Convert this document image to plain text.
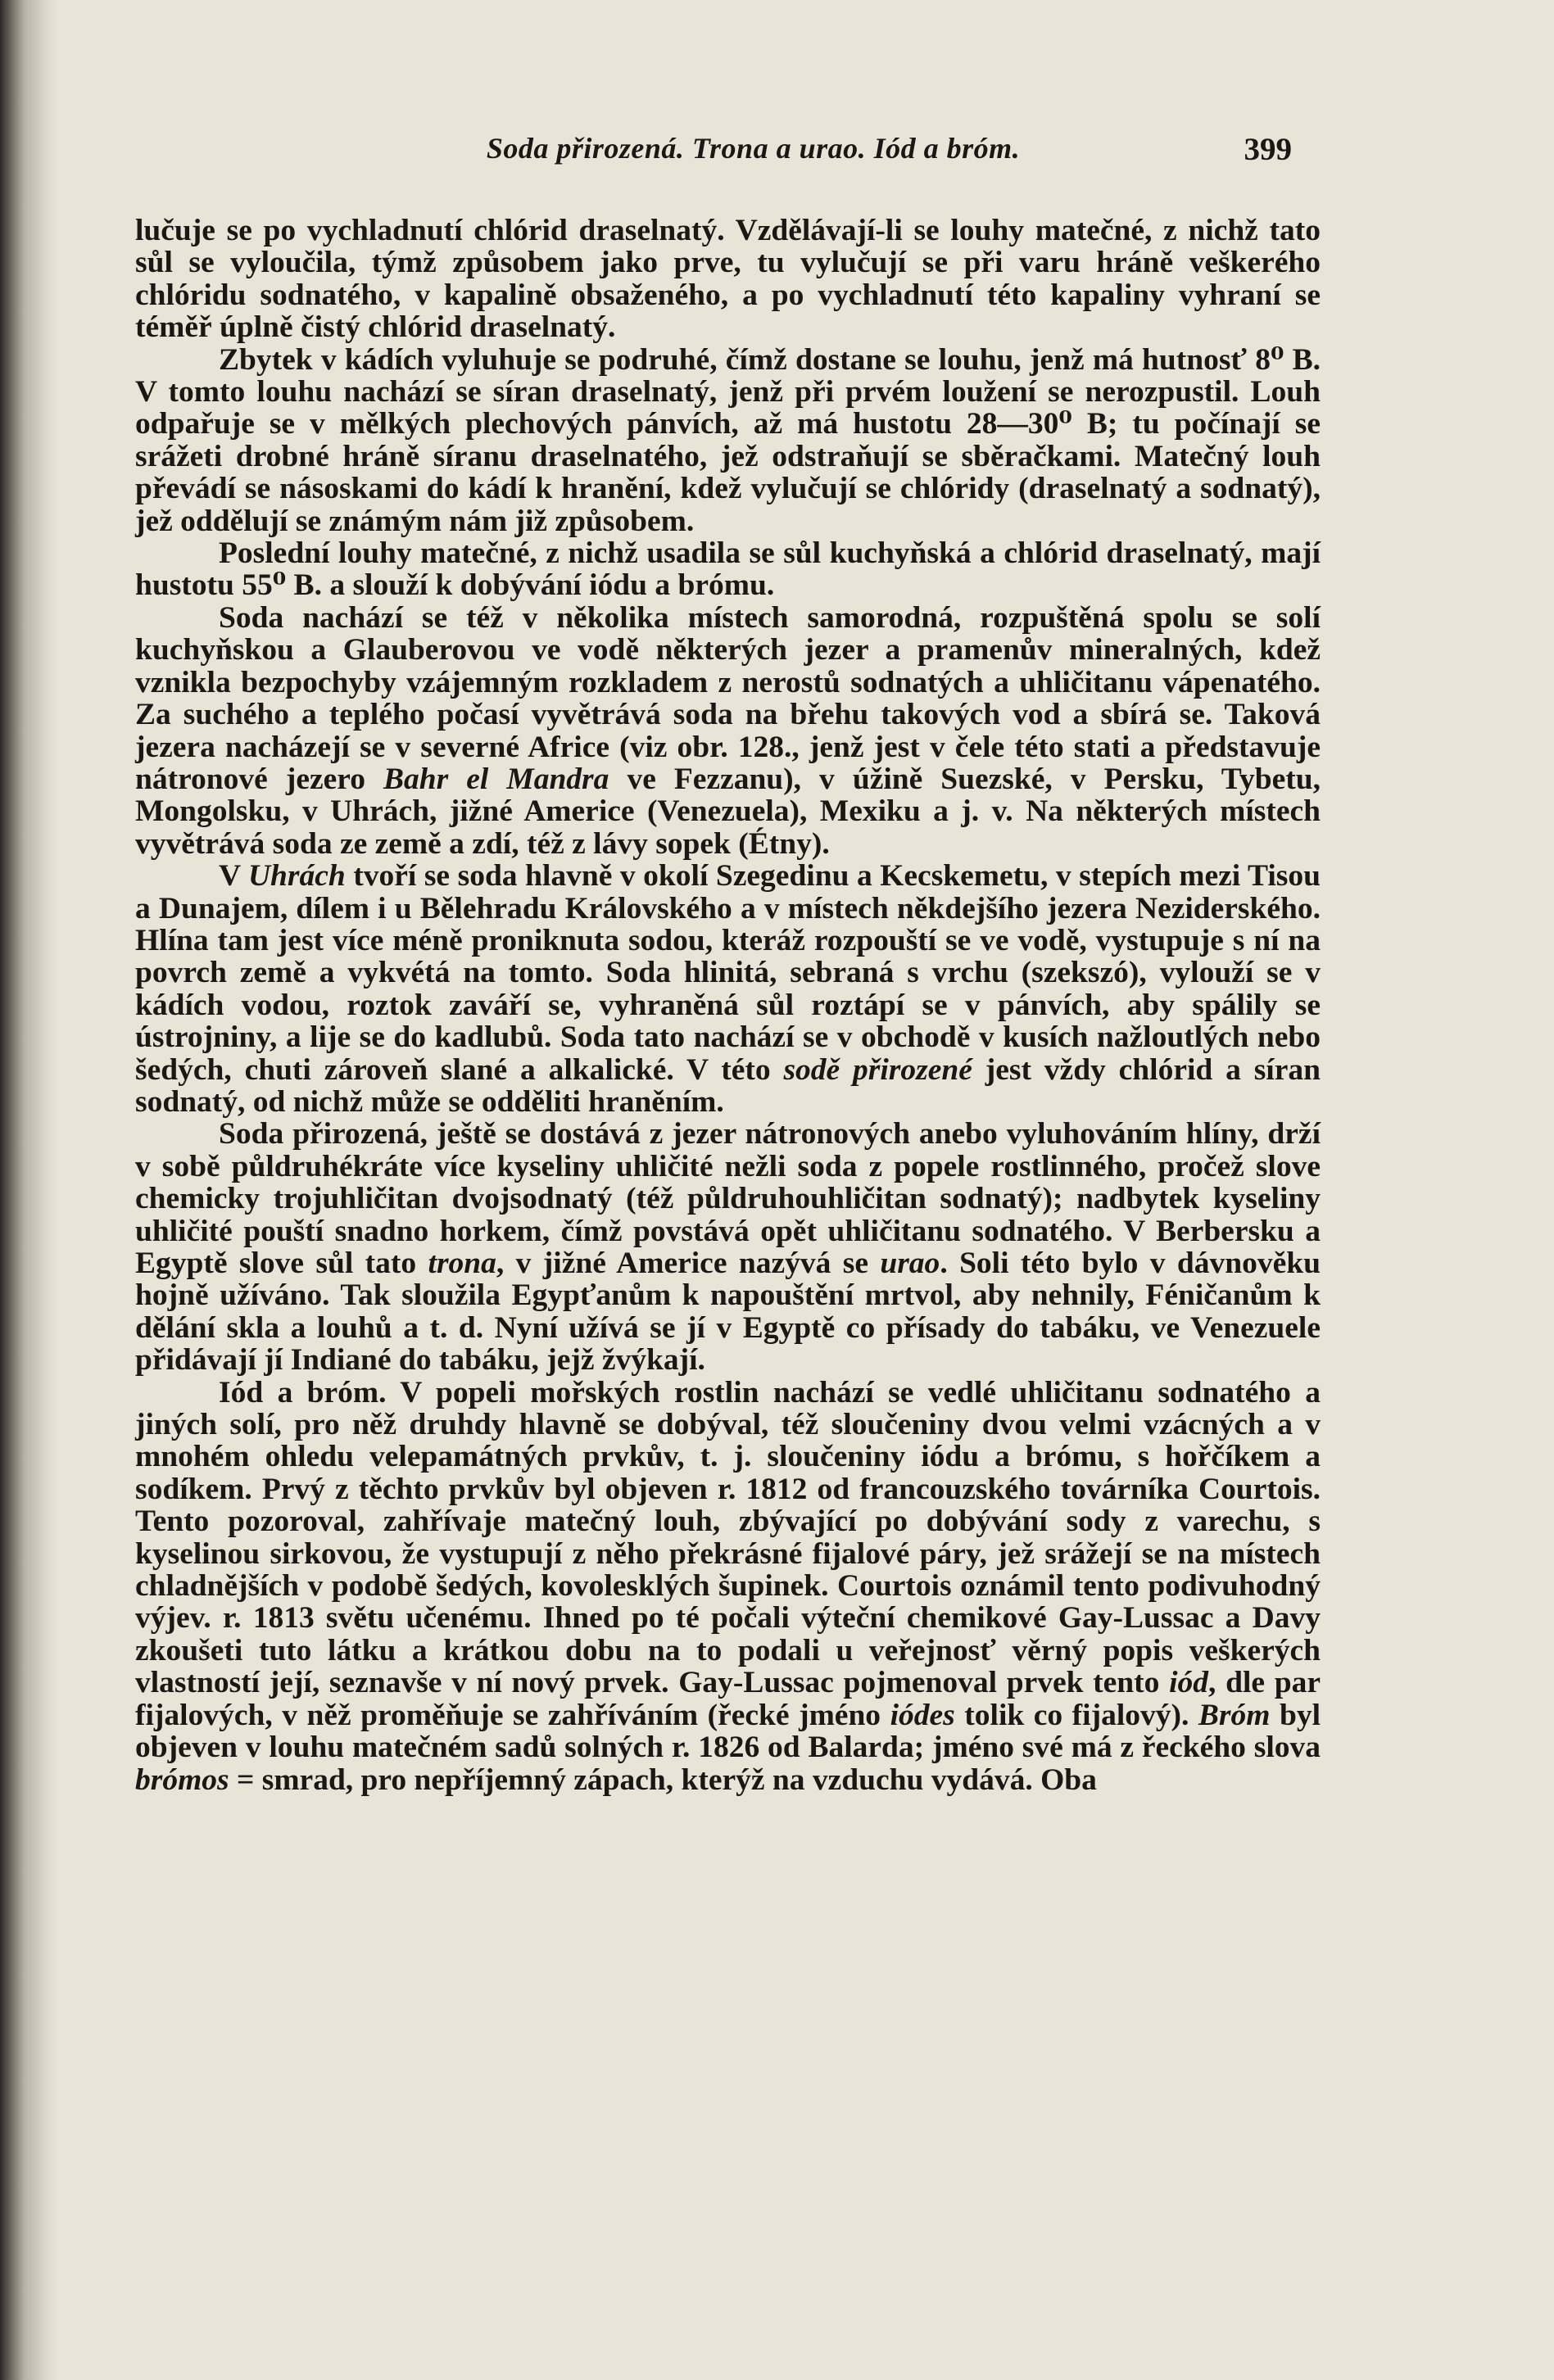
Soda přirozená. Trona a urao. Iód a bróm.	399

lučuje se po vychladnutí chlórid draselnatý. Vzdělávají-li se louhy matečné, z nichž tato sůl se vyloučila, týmž způsobem jako prve, tu vylučují se při varu hráně veškerého chlóridu sodnatého, v kapalině obsaženého, a po vychladnutí této kapaliny vyhraní se téměř úplně čistý chlórid draselnatý.

Zbytek v kádích vyluhuje se podruhé, čímž dostane se louhu, jenž má hutnosť 8⁰ B. V tomto louhu nachází se síran draselnatý, jenž při prvém loužení se nerozpustil. Louh odpařuje se v mělkých plechových pánvích, až má hustotu 28—30⁰ B; tu počínají se srážeti drobné hráně síranu draselnatého, jež odstraňují se sběračkami. Matečný louh převádí se násoskami do kádí k hranění, kdež vylučují se chlóridy (draselnatý a sodnatý), jež oddělují se známým nám již způsobem.

Poslední louhy matečné, z nichž usadila se sůl kuchyňská a chlórid draselnatý, mají hustotu 55⁰ B. a slouží k dobývání iódu a brómu.

Soda nachází se též v několika místech samorodná, rozpuštěná spolu se solí kuchyňskou a Glauberovou ve vodě některých jezer a pramenův mineralných, kdež vznikla bezpochyby vzájemným rozkladem z nerostů sodnatých a uhličitanu vápenatého. Za suchého a teplého počasí vyvětrává soda na břehu takových vod a sbírá se. Taková jezera nacházejí se v severné Africe (viz obr. 128., jenž jest v čele této stati a představuje nátronové jezero Bahr el Mandra ve Fezzanu), v úžině Suezské, v Persku, Tybetu, Mongolsku, v Uhrách, jižné Americe (Venezuela), Mexiku a j. v. Na některých místech vyvětrává soda ze země a zdí, též z lávy sopek (Étny).

V Uhrách tvoří se soda hlavně v okolí Szegedinu a Kecskemetu, v stepích mezi Tisou a Dunajem, dílem i u Bělehradu Královského a v místech někdejšího jezera Neziderského. Hlína tam jest více méně proniknuta sodou, kteráž rozpouští se ve vodě, vystupuje s ní na povrch země a vykvétá na tomto. Soda hlinitá, sebraná s vrchu (szekszó), vylouží se v kádích vodou, roztok zaváří se, vyhraněná sůl roztápí se v pánvích, aby spálily se ústrojniny, a lije se do kadlubů. Soda tato nachází se v obchodě v kusích nažloutlých nebo šedých, chuti zároveň slané a alkalické. V této sodě přirozené jest vždy chlórid a síran sodnatý, od nichž může se odděliti hraněním.

Soda přirozená, ještě se dostává z jezer nátronových anebo vyluhováním hlíny, drží v sobě půldruhékráte více kyseliny uhličité nežli soda z popele rostlinného, pročež slove chemicky trojuhličitan dvojsodnatý (též půldruhouhličitan sodnatý); nadbytek kyseliny uhličité pouští snadno horkem, čímž povstává opět uhličitanu sodnatého. V Berbersku a Egyptě slove sůl tato trona, v jižné Americe nazývá se urao. Soli této bylo v dávnověku hojně užíváno. Tak sloužila Egypťanům k napouštění mrtvol, aby nehnily, Féničanům k dělání skla a louhů a t. d. Nyní užívá se jí v Egyptě co přísady do tabáku, ve Venezuele přidávají jí Indiané do tabáku, jejž žvýkají.

Iód a bróm. V popeli mořských rostlin nachází se vedlé uhličitanu sodnatého a jiných solí, pro něž druhdy hlavně se dobýval, též sloučeniny dvou velmi vzácných a v mnohém ohledu velepamátných prvkův, t. j. sloučeniny iódu a brómu, s hořčíkem a sodíkem. Prvý z těchto prvkův byl objeven r. 1812 od francouzského továrníka Courtois. Tento pozoroval, zahřívaje matečný louh, zbývající po dobývání sody z varechu, s kyselinou sirkovou, že vystupují z něho překrásné fijalové páry, jež srážejí se na místech chladnějších v podobě šedých, kovolesklých šupinek. Courtois oznámil tento podivuhodný výjev. r. 1813 světu učenému. Ihned po té počali výteční chemikové Gay-Lussac a Davy zkoušeti tuto látku a krátkou dobu na to podali u veřejnosť věrný popis veškerých vlastností její, seznavše v ní nový prvek. Gay-Lussac pojmenoval prvek tento iód, dle par fijalových, v něž proměňuje se zahříváním (řecké jméno iódes tolik co fijalový). Bróm byl objeven v louhu matečném sadů solných r. 1826 od Balarda; jméno své má z řeckého slova brómos = smrad, pro nepříjemný zápach, kterýž na vzduchu vydává. Oba
